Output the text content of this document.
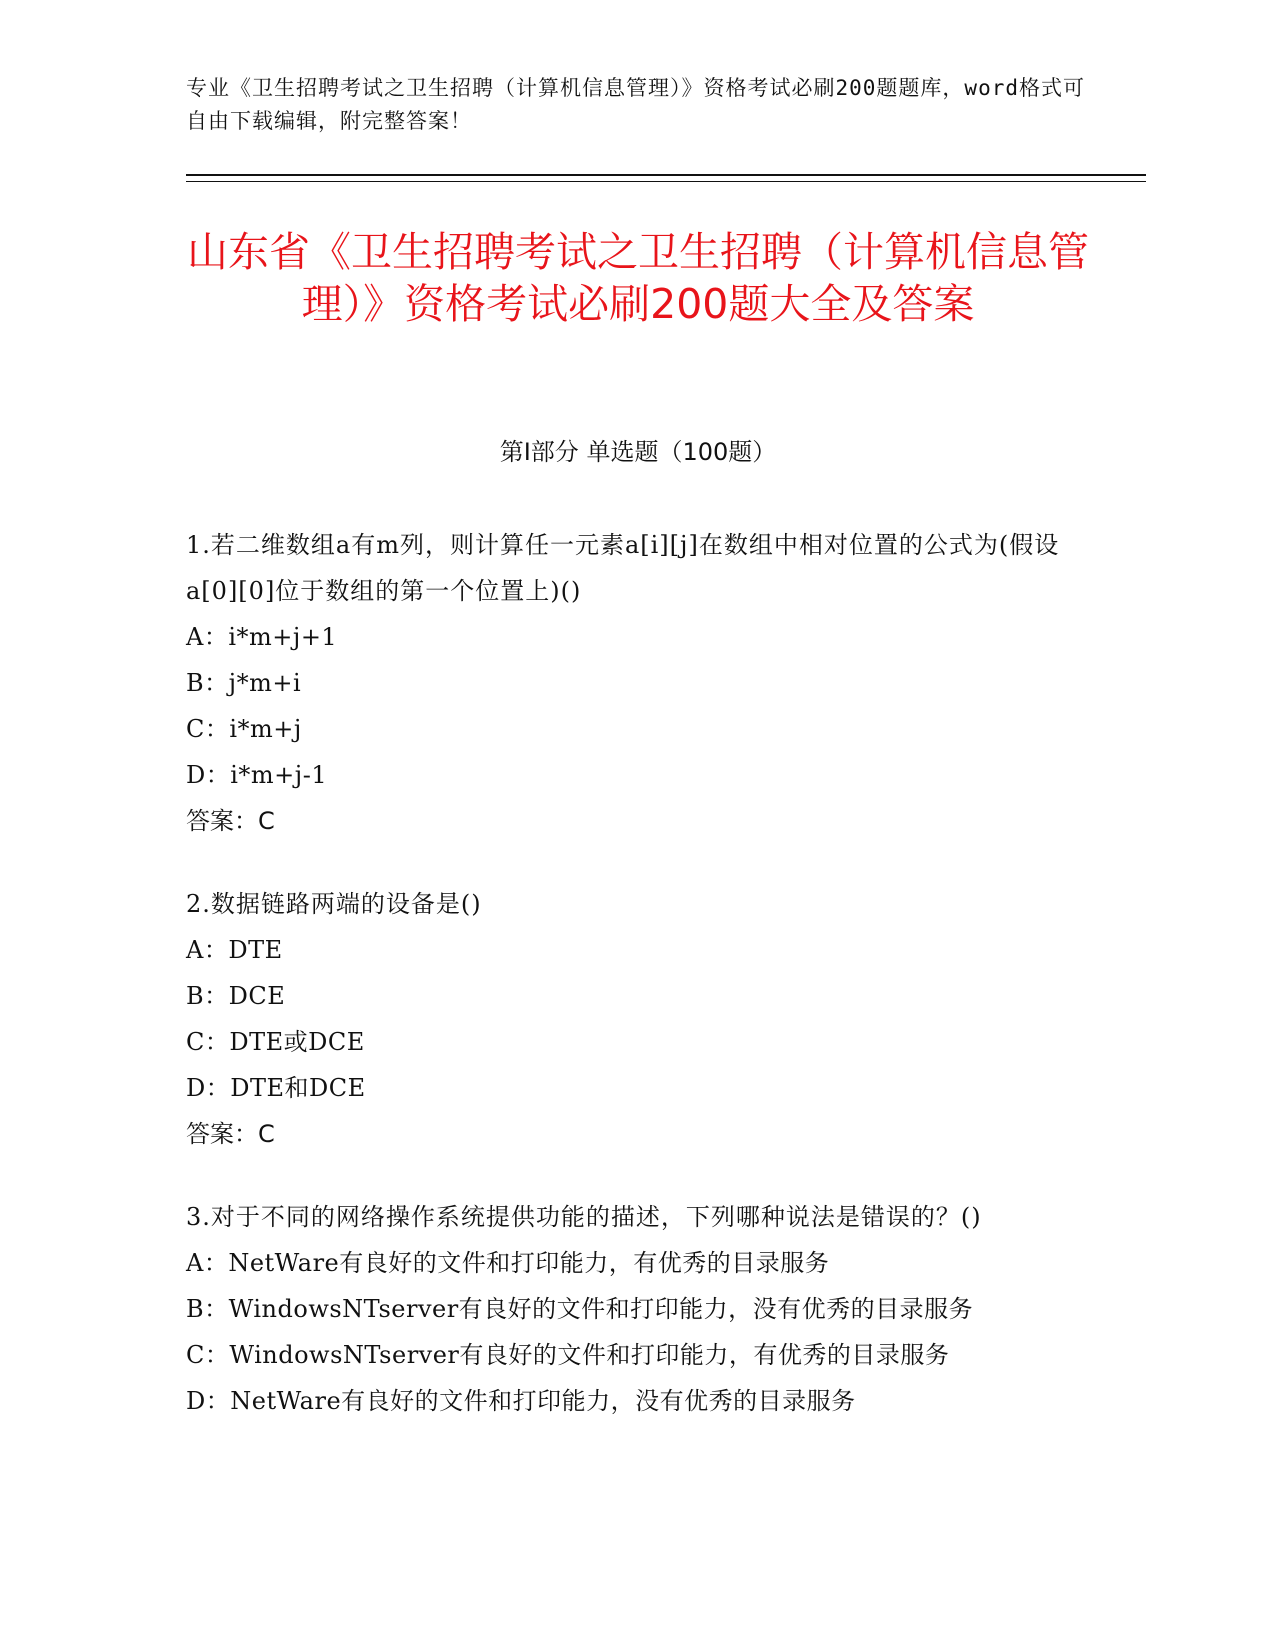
专业《卫生招聘考试之卫生招聘（计算机信息管理）》资格考试必刷200题题库，word格式可自由下载编辑，附完整答案！
山东省《卫生招聘考试之卫生招聘（计算机信息管理）》资格考试必刷200题大全及答案
第Ⅰ部分 单选题（100题）
1.若二维数组a有m列，则计算任一元素a[i][j]在数组中相对位置的公式为(假设a[0][0]位于数组的第一个位置上)()
A：i*m+j+1
B：j*m+i
C：i*m+j
D：i*m+j-1
答案：C
2.数据链路两端的设备是()
A：DTE
B：DCE
C：DTE或DCE
D：DTE和DCE
答案：C
3.对于不同的网络操作系统提供功能的描述，下列哪种说法是错误的？()
A：NetWare有良好的文件和打印能力，有优秀的目录服务
B：WindowsNTserver有良好的文件和打印能力，没有优秀的目录服务
C：WindowsNTserver有良好的文件和打印能力，有优秀的目录服务
D：NetWare有良好的文件和打印能力，没有优秀的目录服务
